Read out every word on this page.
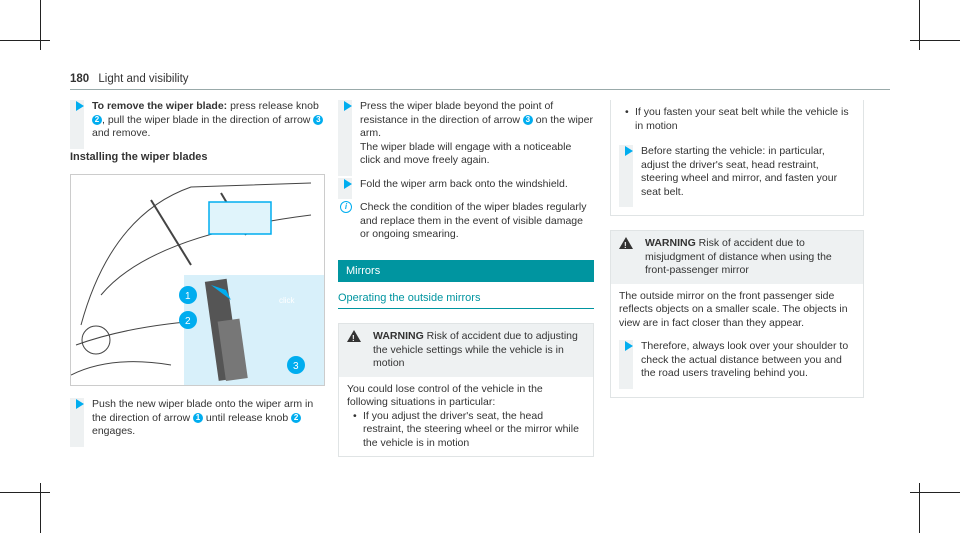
180 Light and visibility
To remove the wiper blade: press release knob 2 , pull the wiper blade in the direction of arrow 3 and remove.
Installing the wiper blades
click
1
2
3
Push the new wiper blade onto the wiper arm in the direction of arrow 1 until release knob 2 engages.
Press the wiper blade beyond the point of resistance in the direction of arrow 3 on the wiper arm.
The wiper blade will engage with a noticeable click and move freely again.
Fold the wiper arm back onto the windshield.
i	Check the condition of the wiper blades regularly and replace them in the event of visible damage or ongoing smearing.
Mirrors
Operating the outside mirrors
!
WARNING Risk of accident due to adjusting the vehicle settings while the vehicle is in motion
You could lose control of the vehicle in the following situations in particular:
• If you adjust the driver's seat, the head restraint, the steering wheel or the mirror while the vehicle is in motion
• If you fasten your seat belt while the vehicle is in motion
Before starting the vehicle: in particular, adjust the driver's seat, head restraint, steering wheel and mirror, and fasten your seat belt.
!
WARNING Risk of accident due to misjudgment of distance when using the front-passenger mirror
The outside mirror on the front passenger side reflects objects on a smaller scale. The objects in view are in fact closer than they appear.
Therefore, always look over your shoulder to check the actual distance between you and the road users traveling behind you.
